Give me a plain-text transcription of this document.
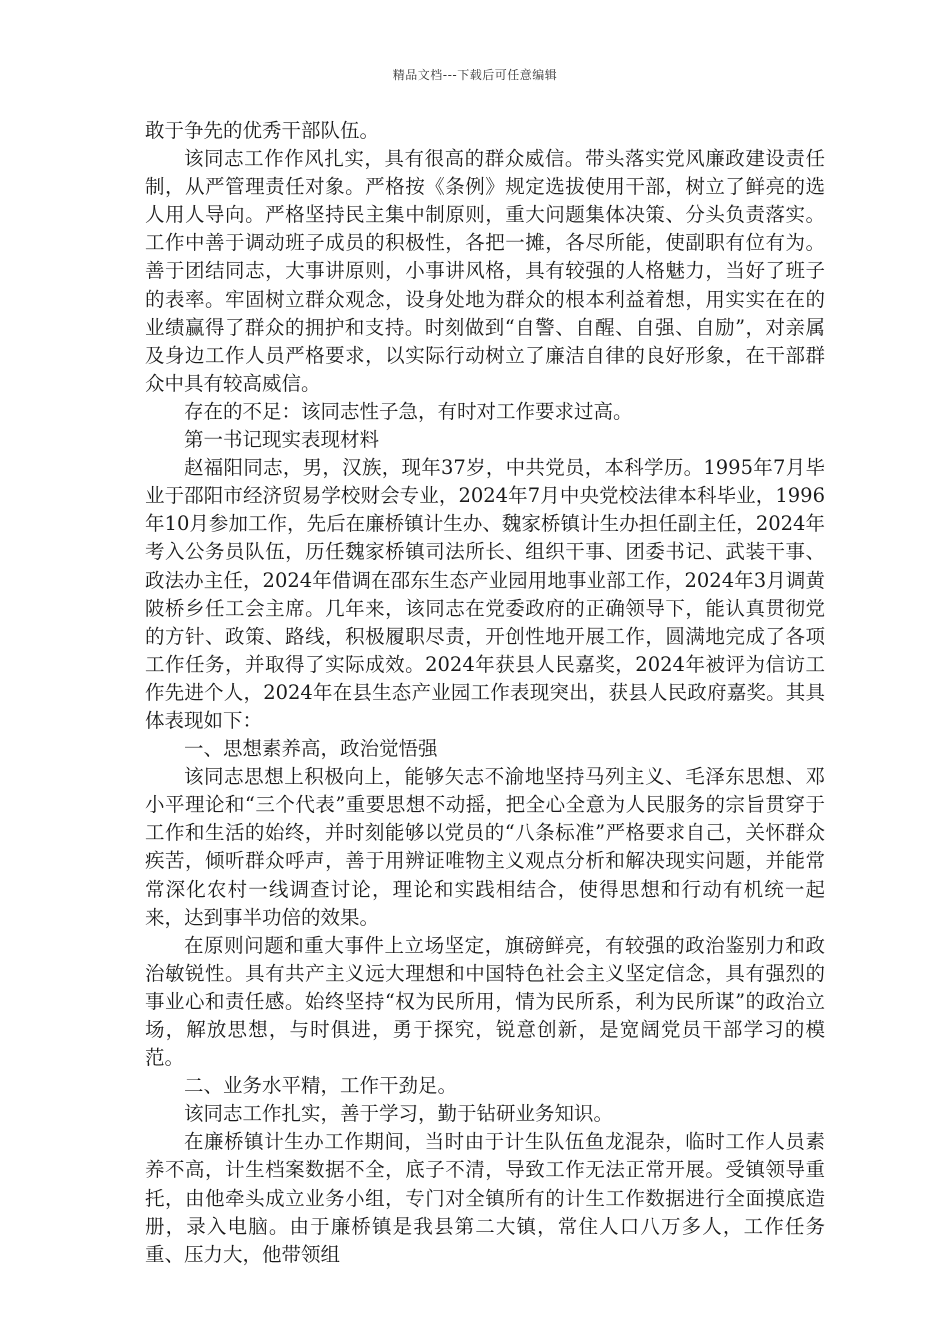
精品文档---下载后可任意编辑

敢于争先的优秀干部队伍。

该同志工作作风扎实，具有很高的群众威信。带头落实党风廉政建设责任制，从严管理责任对象。严格按《条例》规定选拔使用干部，树立了鲜亮的选人用人导向。严格坚持民主集中制原则，重大问题集体决策、分头负责落实。工作中善于调动班子成员的积极性，各把一摊，各尽所能，使副职有位有为。善于团结同志，大事讲原则，小事讲风格，具有较强的人格魅力，当好了班子的表率。牢固树立群众观念，设身处地为群众的根本利益着想，用实实在在的业绩赢得了群众的拥护和支持。时刻做到“自警、自醒、自强、自励”，对亲属及身边工作人员严格要求，以实际行动树立了廉洁自律的良好形象，在干部群众中具有较高威信。

存在的不足：该同志性子急，有时对工作要求过高。

第一书记现实表现材料

赵福阳同志，男，汉族，现年37岁，中共党员，本科学历。1995年7月毕业于邵阳市经济贸易学校财会专业，2024年7月中央党校法律本科毕业，1996年10月参加工作，先后在廉桥镇计生办、魏家桥镇计生办担任副主任，2024年考入公务员队伍，历任魏家桥镇司法所长、组织干事、团委书记、武装干事、政法办主任，2024年借调在邵东生态产业园用地事业部工作，2024年3月调黄陂桥乡任工会主席。几年来，该同志在党委政府的正确领导下，能认真贯彻党的方针、政策、路线，积极履职尽责，开创性地开展工作，圆满地完成了各项工作任务，并取得了实际成效。2024年获县人民嘉奖，2024年被评为信访工作先进个人，2024年在县生态产业园工作表现突出，获县人民政府嘉奖。其具体表现如下：

一、思想素养高，政治觉悟强

该同志思想上积极向上，能够矢志不渝地坚持马列主义、毛泽东思想、邓小平理论和“三个代表”重要思想不动摇，把全心全意为人民服务的宗旨贯穿于工作和生活的始终，并时刻能够以党员的“八条标准”严格要求自己，关怀群众疾苦，倾听群众呼声，善于用辨证唯物主义观点分析和解决现实问题，并能常常深化农村一线调查讨论，理论和实践相结合，使得思想和行动有机统一起来，达到事半功倍的效果。

在原则问题和重大事件上立场坚定，旗磅鲜亮，有较强的政治鉴别力和政治敏锐性。具有共产主义远大理想和中国特色社会主义坚定信念，具有强烈的事业心和责任感。始终坚持“权为民所用，情为民所系，利为民所谋”的政治立场，解放思想，与时俱进，勇于探究，锐意创新，是宽阔党员干部学习的模范。

二、业务水平精，工作干劲足。

该同志工作扎实，善于学习，勤于钻研业务知识。

在廉桥镇计生办工作期间，当时由于计生队伍鱼龙混杂，临时工作人员素养不高，计生档案数据不全，底子不清，导致工作无法正常开展。受镇领导重托，由他牵头成立业务小组，专门对全镇所有的计生工作数据进行全面摸底造册，录入电脑。由于廉桥镇是我县第二大镇，常住人口八万多人，工作任务重、压力大，他带领组
